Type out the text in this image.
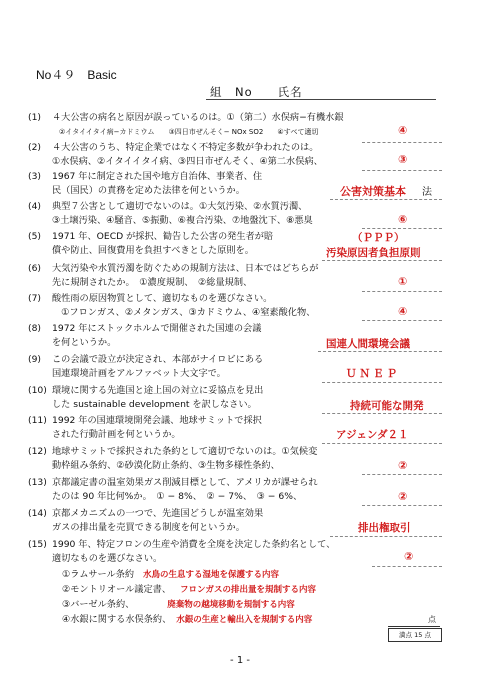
No４９　Basic
組　No　　氏名
(1)	４大公害の病名と原因が誤っているのは。①（第二）水俣病−有機水銀
　②イタイイタイ病−カドミウム　　③四日市ぜんそく− NOx SO2　　④すべて適切	④
(2)	４大公害のうち、特定企業ではなく不特定多数が争われたのは。
①水俣病、②イタイイタイ病、③四日市ぜんそく、④第二水俣病、	③
(3)	1967 年に制定された国や地方自治体、事業者、住
民（国民）の責務を定めた法律を何というか。	公害対策基本 法
(4)	典型７公害として適切でないのは。①大気汚染、②水質汚濁、
③土壌汚染、④騒音、⑤振動、⑥複合汚染、⑦地盤沈下、⑧悪臭	⑥
(5)	1971 年、OECD が採択、勧告した公害の発生者が賠
償や防止、回復費用を負担すべきとした原則を。
（ＰＰＰ）
汚染原因者負担原則
(6)	大気汚染や水質汚濁を防ぐための規制方法は、日本ではどちらが
先に規制されたか。　①濃度規制、　②総量規制、	①
(7)	酸性雨の原因物質として、適切なものを選びなさい。
　①フロンガス、②メタンガス、③カドミウム、④窒素酸化物、	④
(8)	1972 年にストックホルムで開催された国連の会議
を何というか。	国連人間環境会議
(9)	この会議で設立が決定され、本部がナイロビにある
国連環境計画をアルファベット大文字で。	ＵＮＥＰ
(10) 環境に関する先進国と途上国の対立に妥協点を見出
した sustainable development を訳しなさい。	持続可能な開発
(11) 1992 年の国連環境開発会議、地球サミットで採択
された行動計画を何というか。	アジェンダ２１
(12) 地球サミットで採択された条約として適切でないのは。①気候変
動枠組み条約、②砂漠化防止条約、③生物多様性条約、	②
(13) 京都議定書の温室効果ガス削減目標として、アメリカが課せられ
たのは 90 年比何%か。　① − 8%、　② − 7%、　③ − 6%、	②
(14) 京都メカニズムの一つで、先進国どうしが温室効果
ガスの排出量を売買できる制度を何というか。	排出権取引
(15) 1990 年、特定フロンの生産や消費を全廃を決定した条約名として、
適切なものを選びなさい。	②
①ラムサール条約 水鳥の生息する湿地を保護する内容
②モントリオール議定書、 フロンガスの排出量を規制する内容
③バーゼル条約、	廃棄物の越境移動を規制する内容
④水銀に関する水俣条約、 水銀の生産と輸出入を規制する内容	点
満点 15 点
- 1 -
